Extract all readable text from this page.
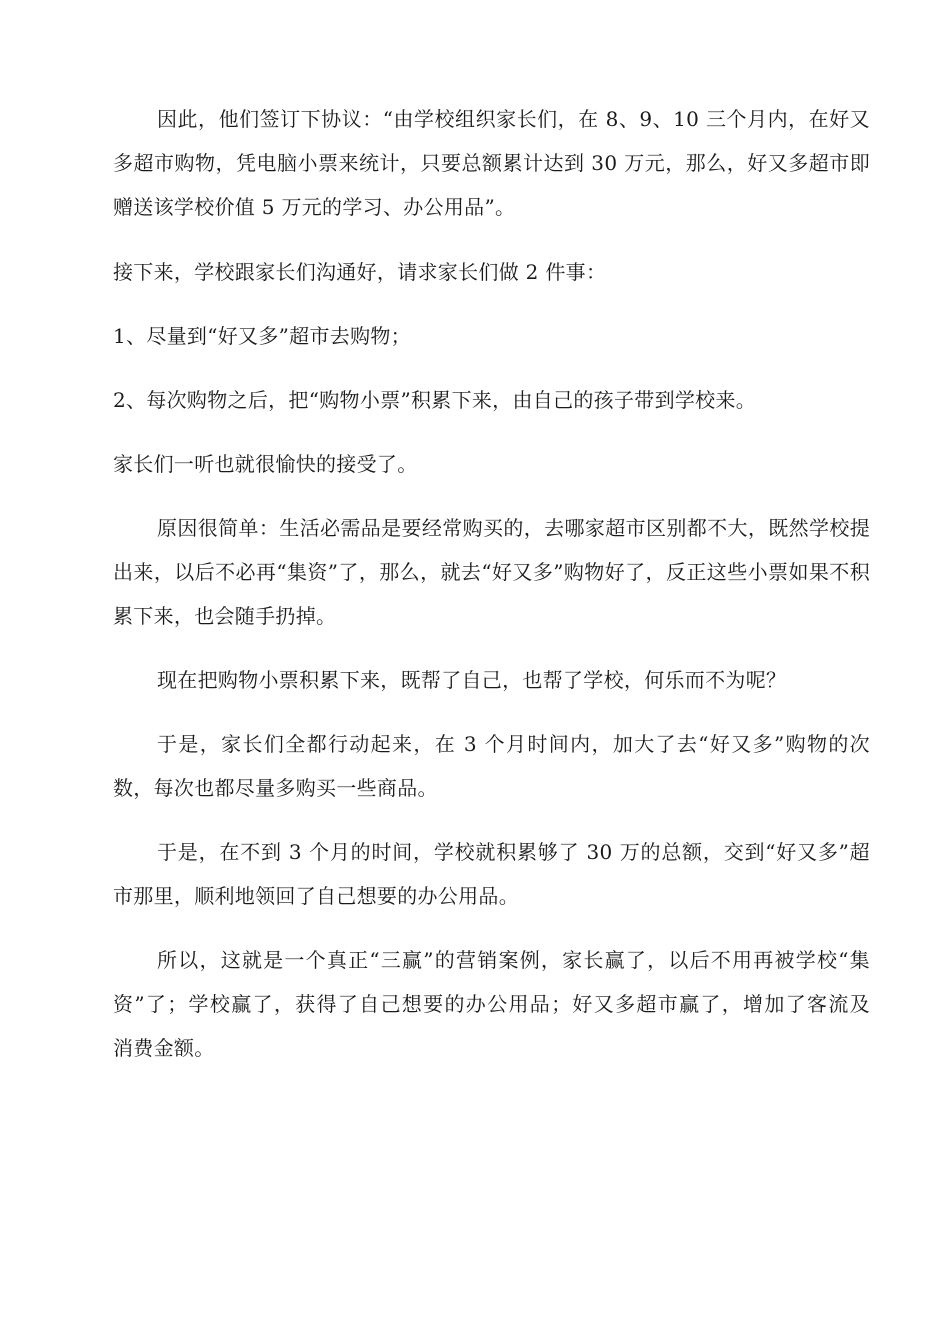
因此，他们签订下协议：“由学校组织家长们，在 8、9、10 三个月内，在好又多超市购物，凭电脑小票来统计，只要总额累计达到 30 万元，那么，好又多超市即赠送该学校价值 5 万元的学习、办公用品”。

接下来，学校跟家长们沟通好，请求家长们做 2 件事：

1、尽量到“好又多”超市去购物；

2、每次购物之后，把“购物小票”积累下来，由自己的孩子带到学校来。

家长们一听也就很愉快的接受了。

原因很简单：生活必需品是要经常购买的，去哪家超市区别都不大，既然学校提出来，以后不必再“集资”了，那么，就去“好又多”购物好了，反正这些小票如果不积累下来，也会随手扔掉。

现在把购物小票积累下来，既帮了自己，也帮了学校，何乐而不为呢？

于是，家长们全都行动起来，在 3 个月时间内，加大了去“好又多”购物的次数，每次也都尽量多购买一些商品。

于是，在不到 3 个月的时间，学校就积累够了 30 万的总额，交到“好又多”超市那里，顺利地领回了自己想要的办公用品。

所以，这就是一个真正“三赢”的营销案例，家长赢了，以后不用再被学校“集资”了；学校赢了，获得了自己想要的办公用品；好又多超市赢了，增加了客流及　消费金额。
